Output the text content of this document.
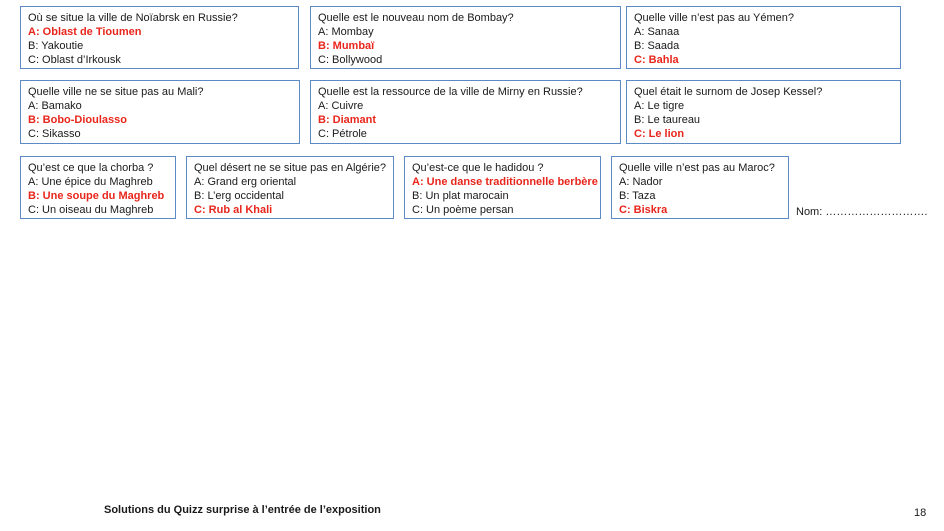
Où se situe la ville de Noïabrsk en Russie?
A: Oblast de Tioumen
B: Yakoutie
C: Oblast d’Irkousk
Quelle est le nouveau nom de Bombay?
A: Mombay
B: Mumbaï
C: Bollywood
Quelle ville n’est pas au Yémen?
A: Sanaa
B: Saada
C: Bahla
Quelle ville ne se situe pas au Mali?
A: Bamako
B: Bobo-Dioulasso
C: Sikasso
Quelle est la ressource de la ville de Mirny en Russie?
A: Cuivre
B: Diamant
C: Pétrole
Quel était le surnom de Josep Kessel?
A: Le tigre
B: Le taureau
C: Le lion
Qu’est ce que la chorba ?
A: Une épice du Maghreb
B: Une soupe du Maghreb
C: Un oiseau du Maghreb
Quel désert ne se situe pas en Algérie?
A: Grand erg oriental
B: L’erg occidental
C: Rub al Khali
Qu’est-ce que le hadidou ?
A: Une danse traditionnelle berbère
B: Un plat marocain
C: Un poème persan
Quelle ville n’est pas au Maroc?
A: Nador
B: Taza
C: Biskra	Nom: ……………………….
Solutions du Quizz surprise à l’entrée de l’exposition	18
